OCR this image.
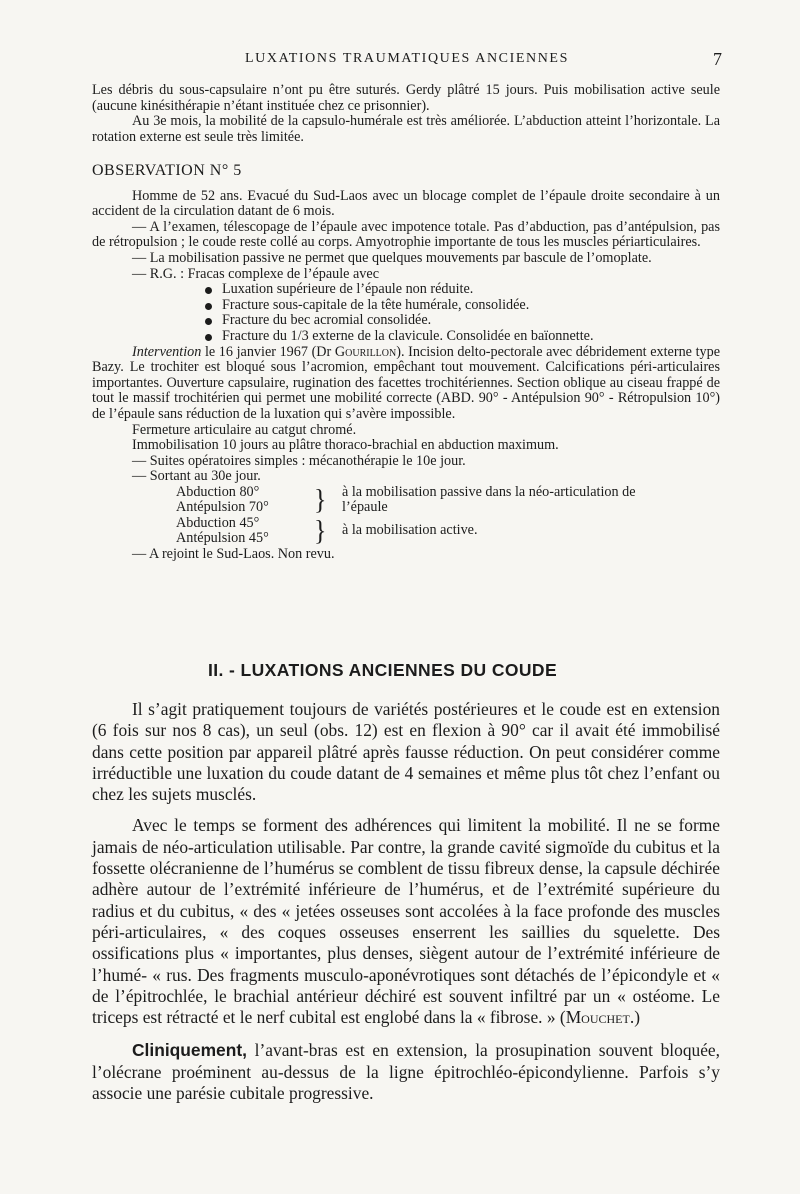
LUXATIONS TRAUMATIQUES ANCIENNES	7

Les débris du sous-capsulaire n’ont pu être suturés. Gerdy plâtré 15 jours. Puis mobilisation active seule (aucune kinésithérapie n’étant instituée chez ce prisonnier).

Au 3e mois, la mobilité de la capsulo-humérale est très améliorée. L’abduction atteint l’horizontale. La rotation externe est seule très limitée.

OBSERVATION N° 5

Homme de 52 ans. Evacué du Sud-Laos avec un blocage complet de l’épaule droite secondaire à un accident de la circulation datant de 6 mois.

— A l’examen, télescopage de l’épaule avec impotence totale. Pas d’abduction, pas d’antépulsion, pas de rétropulsion ; le coude reste collé au corps. Amyotrophie importante de tous les muscles périarticulaires.

— La mobilisation passive ne permet que quelques mouvements par bascule de l’omoplate.

— R.G. : Fracas complexe de l’épaule avec

Luxation supérieure de l’épaule non réduite.
Fracture sous-capitale de la tête humérale, consolidée.
Fracture du bec acromial consolidée.
Fracture du 1/3 externe de la clavicule. Consolidée en baïonnette.

Intervention le 16 janvier 1967 (Dr Gourillon). Incision delto-pectorale avec débridement externe type Bazy. Le trochiter est bloqué sous l’acromion, empêchant tout mouvement. Calcifications péri-articulaires importantes. Ouverture capsulaire, rugination des facettes trochitériennes. Section oblique au ciseau frappé de tout le massif trochitérien qui permet une mobilité correcte (ABD. 90° - Antépulsion 90° - Rétropulsion 10°) de l’épaule sans réduction de la luxation qui s’avère impossible.

Fermeture articulaire au catgut chromé.

Immobilisation 10 jours au plâtre thoraco-brachial en abduction maximum.

— Suites opératoires simples : mécanothérapie le 10e jour.

— Sortant au 30e jour.

Abduction 80°
Antépulsion 70° } à la mobilisation passive dans la néo-articulation de l’épaule
Abduction 45°
Antépulsion 45° } à la mobilisation active.

— A rejoint le Sud-Laos. Non revu.

II. - LUXATIONS ANCIENNES DU COUDE

Il s’agit pratiquement toujours de variétés postérieures et le coude est en extension (6 fois sur nos 8 cas), un seul (obs. 12) est en flexion à 90° car il avait été immobilisé dans cette position par appareil plâtré après fausse réduction. On peut considérer comme irréductible une luxation du coude datant de 4 semaines et même plus tôt chez l’enfant ou chez les sujets musclés.

Avec le temps se forment des adhérences qui limitent la mobilité. Il ne se forme jamais de néo-articulation utilisable. Par contre, la grande cavité sigmoïde du cubitus et la fossette olécranienne de l’humérus se comblent de tissu fibreux dense, la capsule déchirée adhère autour de l’extrémité inférieure de l’humérus, et de l’extrémité supérieure du radius et du cubitus, « des « jetées osseuses sont accolées à la face profonde des muscles péri-articulaires, « des coques osseuses enserrent les saillies du squelette. Des ossifications plus « importantes, plus denses, siègent autour de l’extrémité inférieure de l’humé- « rus. Des fragments musculo-aponévrotiques sont détachés de l’épicondyle et « de l’épitrochlée, le brachial antérieur déchiré est souvent infiltré par un « ostéome. Le triceps est rétracté et le nerf cubital est englobé dans la « fibrose. » (Mouchet.)

Cliniquement, l’avant-bras est en extension, la prosupination souvent bloquée, l’olécrane proéminent au-dessus de la ligne épitrochléo-épicondylienne. Parfois s’y associe une parésie cubitale progressive.
